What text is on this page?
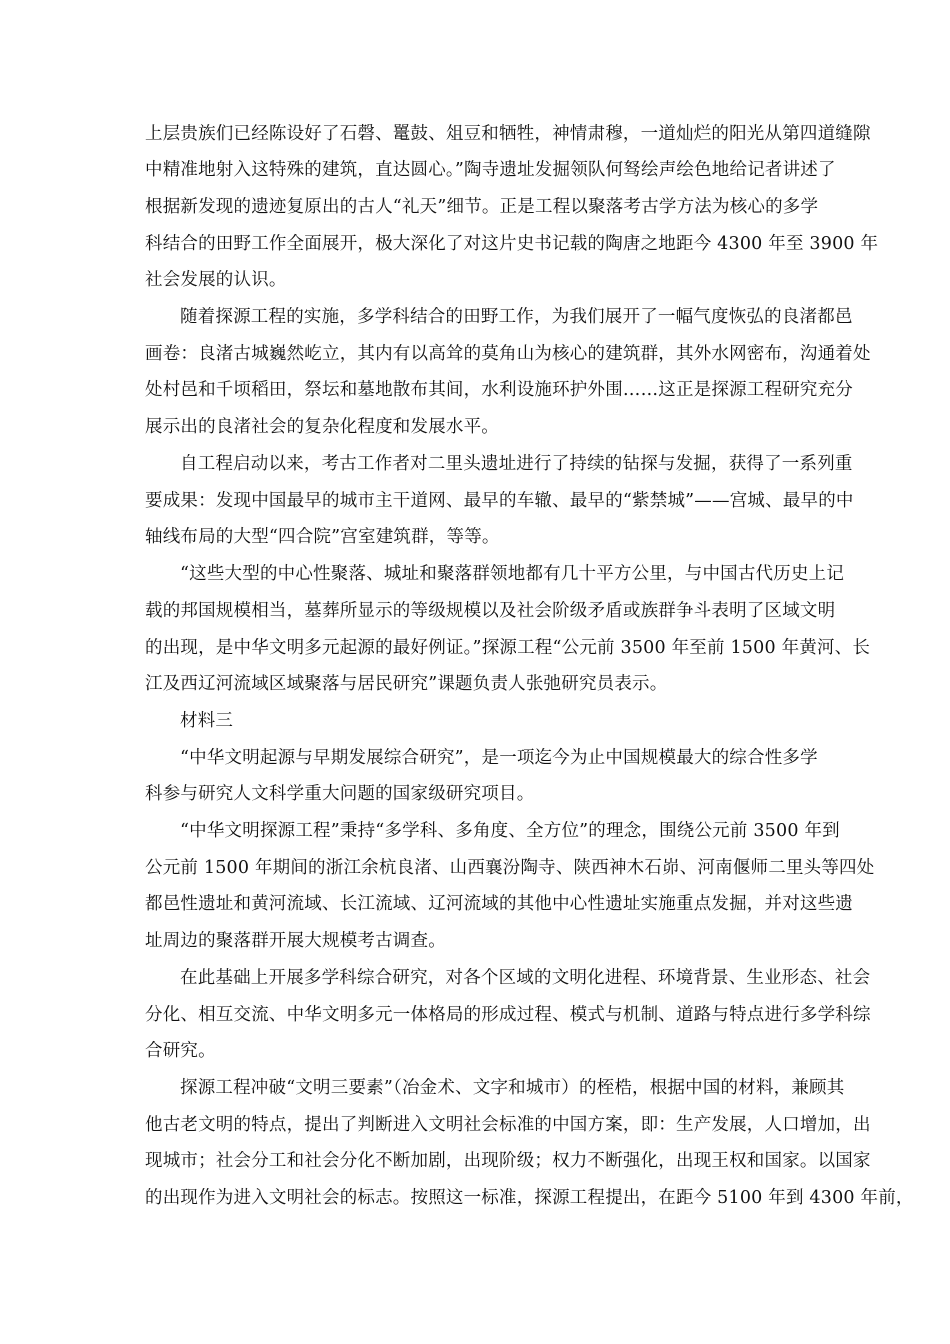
上层贵族们已经陈设好了石磬、鼍鼓、俎豆和牺牲，神情肃穆，一道灿烂的阳光从第四道缝隙
中精准地射入这特殊的建筑，直达圆心。”陶寺遗址发掘领队何驽绘声绘色地给记者讲述了
根据新发现的遗迹复原出的古人“礼天”细节。正是工程以聚落考古学方法为核心的多学
科结合的田野工作全面展开，极大深化了对这片史书记载的陶唐之地距今 4300 年至 3900 年
社会发展的认识。
随着探源工程的实施，多学科结合的田野工作，为我们展开了一幅气度恢弘的良渚都邑
画卷：良渚古城巍然屹立，其内有以高耸的莫角山为核心的建筑群，其外水网密布，沟通着处
处村邑和千顷稻田，祭坛和墓地散布其间，水利设施环护外围……这正是探源工程研究充分
展示出的良渚社会的复杂化程度和发展水平。
自工程启动以来，考古工作者对二里头遗址进行了持续的钻探与发掘，获得了一系列重
要成果：发现中国最早的城市主干道网、最早的车辙、最早的“紫禁城”——宫城、最早的中
轴线布局的大型“四合院”宫室建筑群，等等。
“这些大型的中心性聚落、城址和聚落群领地都有几十平方公里，与中国古代历史上记
载的邦国规模相当，墓葬所显示的等级规模以及社会阶级矛盾或族群争斗表明了区域文明
的出现，是中华文明多元起源的最好例证。”探源工程“公元前 3500 年至前 1500 年黄河、长
江及西辽河流域区域聚落与居民研究”课题负责人张弛研究员表示。
材料三
“中华文明起源与早期发展综合研究”，是一项迄今为止中国规模最大的综合性多学
科参与研究人文科学重大问题的国家级研究项目。
“中华文明探源工程”秉持“多学科、多角度、全方位”的理念，围绕公元前 3500 年到
公元前 1500 年期间的浙江余杭良渚、山西襄汾陶寺、陕西神木石峁、河南偃师二里头等四处
都邑性遗址和黄河流域、长江流域、辽河流域的其他中心性遗址实施重点发掘，并对这些遗
址周边的聚落群开展大规模考古调查。
在此基础上开展多学科综合研究，对各个区域的文明化进程、环境背景、生业形态、社会
分化、相互交流、中华文明多元一体格局的形成过程、模式与机制、道路与特点进行多学科综
合研究。
探源工程冲破“文明三要素”（冶金术、文字和城市）的桎梏，根据中国的材料，兼顾其
他古老文明的特点，提出了判断进入文明社会标准的中国方案，即：生产发展，人口增加，出
现城市；社会分工和社会分化不断加剧，出现阶级；权力不断强化，出现王权和国家。以国家
的出现作为进入文明社会的标志。按照这一标准，探源工程提出，在距今 5100 年到 4300 年前，
